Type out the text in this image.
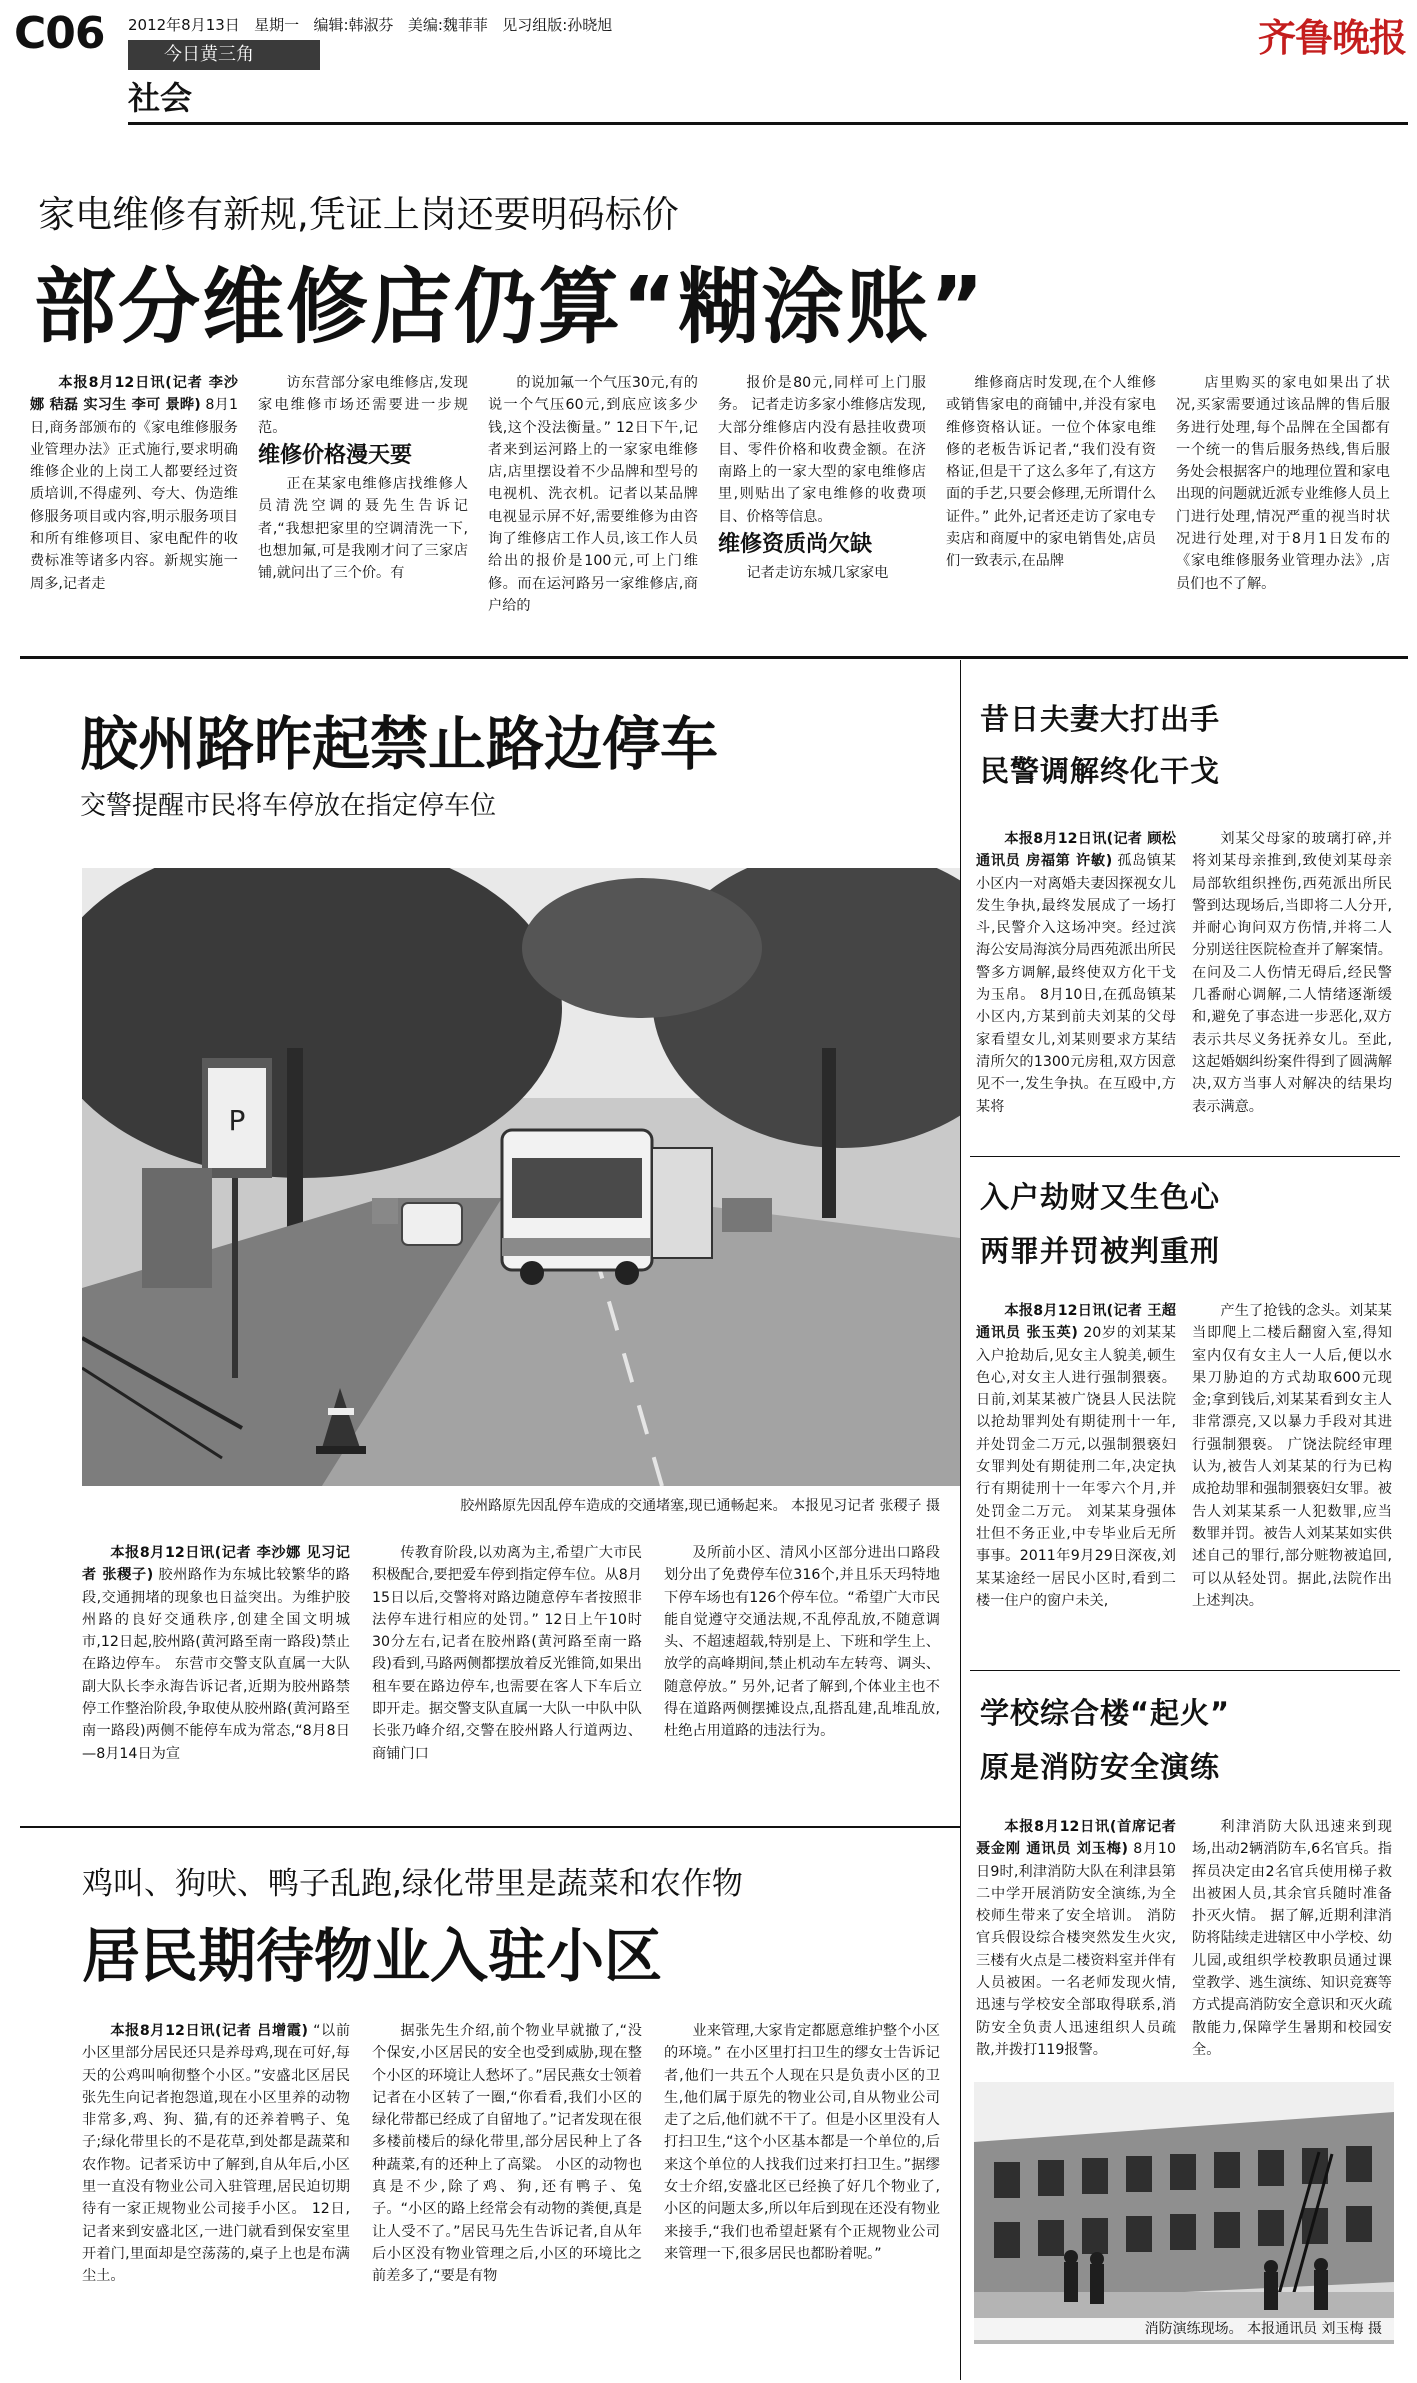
C06 2012年8月13日 星期一 编辑:韩淑芬 美编:魏菲菲 见习组版:孙晓旭
今日黄三角
社会
齐鲁晚报
家电维修有新规,凭证上岗还要明码标价
部分维修店仍算“糊涂账”

本报8月12日讯(记者 李沙娜 秸磊 实习生 李可 景晔) 8月1日,商务部颁布的《家电维修服务业管理办法》正式施行,要求明确维修企业的上岗工人都要经过资质培训,不得虚列、夸大、伪造维修服务项目或内容,明示服务项目和所有维修项目、家电配件的收费标准等诸多内容。新规实施一周多,记者走

访东营部分家电维修店,发现家电维修市场还需要进一步规范。

维修价格漫天要

正在某家电维修店找维修人员清洗空调的聂先生告诉记者,“我想把家里的空调清洗一下,也想加氟,可是我刚才问了三家店铺,就问出了三个价。有

的说加氟一个气压30元,有的说一个气压60元,到底应该多少钱,这个没法衡量。” 12日下午,记者来到运河路上的一家家电维修店,店里摆设着不少品牌和型号的电视机、洗衣机。记者以某品牌电视显示屏不好,需要维修为由咨询了维修店工作人员,该工作人员给出的报价是100元,可上门维修。而在运河路另一家维修店,商户给的

报价是80元,同样可上门服务。 记者走访多家小维修店发现,大部分维修店内没有悬挂收费项目、零件价格和收费金额。在济南路上的一家大型的家电维修店里,则贴出了家电维修的收费项目、价格等信息。

维修资质尚欠缺

记者走访东城几家家电

维修商店时发现,在个人维修或销售家电的商铺中,并没有家电维修资格认证。一位个体家电维修的老板告诉记者,“我们没有资格证,但是干了这么多年了,有这方面的手艺,只要会修理,无所谓什么证件。” 此外,记者还走访了家电专卖店和商厦中的家电销售处,店员们一致表示,在品牌

店里购买的家电如果出了状况,买家需要通过该品牌的售后服务进行处理,每个品牌在全国都有一个统一的售后服务热线,售后服务处会根据客户的地理位置和家电出现的问题就近派专业维修人员上门进行处理,情况严重的视当时状况进行处理,对于8月1日发布的《家电维修服务业管理办法》,店员们也不了解。

胶州路昨起禁止路边停车
交警提醒市民将车停放在指定停车位
P
胶州路原先因乱停车造成的交通堵塞,现已通畅起来。 本报见习记者 张稷子 摄

本报8月12日讯(记者 李沙娜 见习记者 张稷子) 胶州路作为东城比较繁华的路段,交通拥堵的现象也日益突出。为维护胶州路的良好交通秩序,创建全国文明城市,12日起,胶州路(黄河路至南一路段)禁止在路边停车。 东营市交警支队直属一大队副大队长李永海告诉记者,近期为胶州路禁停工作整治阶段,争取使从胶州路(黄河路至南一路段)两侧不能停车成为常态,“8月8日—8月14日为宣

传教育阶段,以劝离为主,希望广大市民积极配合,要把爱车停到指定停车位。从8月15日以后,交警将对路边随意停车者按照非法停车进行相应的处罚。” 12日上午10时30分左右,记者在胶州路(黄河路至南一路段)看到,马路两侧都摆放着反光锥筒,如果出租车要在路边停车,也需要在客人下车后立即开走。据交警支队直属一大队一中队中队长张乃峰介绍,交警在胶州路人行道两边、商铺门口

及所前小区、清风小区部分进出口路段划分出了免费停车位316个,并且乐天玛特地下停车场也有126个停车位。“希望广大市民能自觉遵守交通法规,不乱停乱放,不随意调头、不超速超载,特别是上、下班和学生上、放学的高峰期间,禁止机动车左转弯、调头、随意停放。” 另外,记者了解到,个体业主也不得在道路两侧摆摊设点,乱搭乱建,乱堆乱放,杜绝占用道路的违法行为。

鸡叫、狗吠、鸭子乱跑,绿化带里是蔬菜和农作物
居民期待物业入驻小区

本报8月12日讯(记者 吕增霞) “以前小区里部分居民还只是养母鸡,现在可好,每天的公鸡叫响彻整个小区。”安盛北区居民张先生向记者抱怨道,现在小区里养的动物非常多,鸡、狗、猫,有的还养着鸭子、兔子;绿化带里长的不是花草,到处都是蔬菜和农作物。记者采访中了解到,自从年后,小区里一直没有物业公司入驻管理,居民迫切期待有一家正规物业公司接手小区。 12日,记者来到安盛北区,一进门就看到保安室里开着门,里面却是空荡荡的,桌子上也是布满尘土。

据张先生介绍,前个物业早就撤了,“没个保安,小区居民的安全也受到威胁,现在整个小区的环境让人愁坏了。”居民燕女士领着记者在小区转了一圈,“你看看,我们小区的绿化带都已经成了自留地了。”记者发现在很多楼前楼后的绿化带里,部分居民种上了各种蔬菜,有的还种上了高粱。 小区的动物也真是不少,除了鸡、狗,还有鸭子、兔子。“小区的路上经常会有动物的粪便,真是让人受不了。”居民马先生告诉记者,自从年后小区没有物业管理之后,小区的环境比之前差多了,“要是有物

业来管理,大家肯定都愿意维护整个小区的环境。” 在小区里打扫卫生的缪女士告诉记者,他们一共五个人现在只是负责小区的卫生,他们属于原先的物业公司,自从物业公司走了之后,他们就不干了。但是小区里没有人打扫卫生,“这个小区基本都是一个单位的,后来这个单位的人找我们过来打扫卫生。”据缪女士介绍,安盛北区已经换了好几个物业了,小区的问题太多,所以年后到现在还没有物业来接手,“我们也希望赶紧有个正规物业公司来管理一下,很多居民也都盼着呢。”

昔日夫妻大打出手
民警调解终化干戈

本报8月12日讯(记者 顾松 通讯员 房福第 许敏) 孤岛镇某小区内一对离婚夫妻因探视女儿发生争执,最终发展成了一场打斗,民警介入这场冲突。经过滨海公安局海滨分局西苑派出所民警多方调解,最终使双方化干戈为玉帛。 8月10日,在孤岛镇某小区内,方某到前夫刘某的父母家看望女儿,刘某则要求方某结清所欠的1300元房租,双方因意见不一,发生争执。在互殴中,方某将

刘某父母家的玻璃打碎,并将刘某母亲推到,致使刘某母亲局部软组织挫伤,西苑派出所民警到达现场后,当即将二人分开,并耐心询问双方伤情,并将二人分别送往医院检查并了解案情。 在问及二人伤情无碍后,经民警几番耐心调解,二人情绪逐渐缓和,避免了事态进一步恶化,双方表示共尽义务抚养女儿。至此,这起婚姻纠纷案件得到了圆满解决,双方当事人对解决的结果均表示满意。

入户劫财又生色心
两罪并罚被判重刑

本报8月12日讯(记者 王超 通讯员 张玉英) 20岁的刘某某入户抢劫后,见女主人貌美,顿生色心,对女主人进行强制猥亵。日前,刘某某被广饶县人民法院以抢劫罪判处有期徒刑十一年,并处罚金二万元,以强制猥亵妇女罪判处有期徒刑二年,决定执行有期徒刑十一年零六个月,并处罚金二万元。 刘某某身强体壮但不务正业,中专毕业后无所事事。2011年9月29日深夜,刘某某途经一居民小区时,看到二楼一住户的窗户未关,

产生了抢钱的念头。刘某某当即爬上二楼后翻窗入室,得知室内仅有女主人一人后,便以水果刀胁迫的方式劫取600元现金;拿到钱后,刘某某看到女主人非常漂亮,又以暴力手段对其进行强制猥亵。 广饶法院经审理认为,被告人刘某某的行为已构成抢劫罪和强制猥亵妇女罪。被告人刘某某系一人犯数罪,应当数罪并罚。被告人刘某某如实供述自己的罪行,部分赃物被追回,可以从轻处罚。据此,法院作出上述判决。

学校综合楼“起火”
原是消防安全演练

本报8月12日讯(首席记者 聂金刚 通讯员 刘玉梅) 8月10日9时,利津消防大队在利津县第二中学开展消防安全演练,为全校师生带来了安全培训。 消防官兵假设综合楼突然发生火灾,三楼有火点是二楼资料室并伴有人员被困。一名老师发现火情,迅速与学校安全部取得联系,消防安全负责人迅速组织人员疏散,并拨打119报警。

利津消防大队迅速来到现场,出动2辆消防车,6名官兵。指挥员决定由2名官兵使用梯子救出被困人员,其余官兵随时准备扑灭火情。 据了解,近期利津消防将陆续走进辖区中小学校、幼儿园,或组织学校教职员通过课堂教学、逃生演练、知识竞赛等方式提高消防安全意识和灭火疏散能力,保障学生暑期和校园安全。

消防演练现场。 本报通讯员 刘玉梅 摄
